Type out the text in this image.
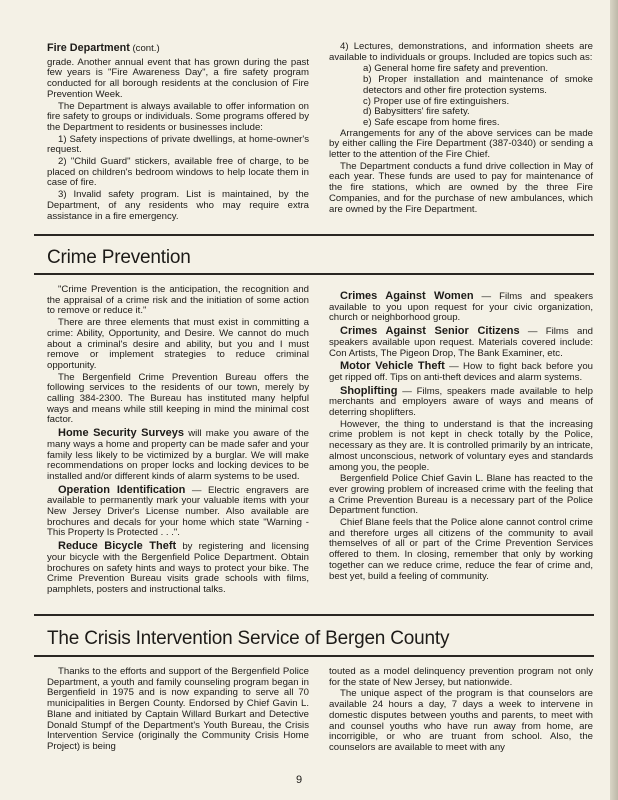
Fire Department (cont.)

grade. Another annual event that has grown during the past few years is "Fire Awareness Day", a fire safety program conducted for all borough residents at the conclusion of Fire Prevention Week.

The Department is always available to offer information on fire safety to groups or individuals. Some programs offered by the Department to residents or businesses include:

1) Safety inspections of private dwellings, at home-owner's request.

2) "Child Guard" stickers, available free of charge, to be placed on children's bedroom windows to help locate them in case of fire.

3) Invalid safety program. List is maintained, by the Department, of any residents who may require extra assistance in a fire emergency.

4) Lectures, demonstrations, and information sheets are available to individuals or groups. Included are topics such as:

a) General home fire safety and prevention.

b) Proper installation and maintenance of smoke detectors and other fire protection systems.

c) Proper use of fire extinguishers.

d) Babysitters' fire safety.

e) Safe escape from home fires.

Arrangements for any of the above services can be made by either calling the Fire Department (387-0340) or sending a letter to the attention of the Fire Chief.

The Department conducts a fund drive collection in May of each year. These funds are used to pay for maintenance of the fire stations, which are owned by the three Fire Companies, and for the purchase of new ambulances, which are owned by the Fire Department.

Crime Prevention

"Crime Prevention is the anticipation, the recognition and the appraisal of a crime risk and the initiation of some action to remove or reduce it."

There are three elements that must exist in committing a crime: Ability, Opportunity, and Desire. We cannot do much about a criminal's desire and ability, but you and I must remove or implement strategies to reduce criminal opportunity.

The Bergenfield Crime Prevention Bureau offers the following services to the residents of our town, merely by calling 384-2300. The Bureau has instituted many helpful ways and means while still keeping in mind the minimal cost factor.

Home Security Surveys will make you aware of the many ways a home and property can be made safer and your family less likely to be victimized by a burglar. We will make recommendations on proper locks and locking devices to be installed and/or different kinds of alarm systems to be used.

Operation Identification — Electric engravers are available to permanently mark your valuable items with your New Jersey Driver's License number. Also available are brochures and decals for your home which state "Warning - This Property Is Protected . . .".

Reduce Bicycle Theft by registering and licensing your bicycle with the Bergenfield Police Department. Obtain brochures on safety hints and ways to protect your bike. The Crime Prevention Bureau visits grade schools with films, pamphlets, posters and instructional talks.

Crimes Against Women — Films and speakers available to you upon request for your civic organization, church or neighborhood group.

Crimes Against Senior Citizens — Films and speakers available upon request. Materials covered include: Con Artists, The Pigeon Drop, The Bank Examiner, etc.

Motor Vehicle Theft — How to fight back before you get ripped off. Tips on anti-theft devices and alarm systems.

Shoplifting — Films, speakers made available to help merchants and employers aware of ways and means of deterring shoplifters.

However, the thing to understand is that the increasing crime problem is not kept in check totally by the Police, necessary as they are. It is controlled primarily by an intricate, almost unconscious, network of voluntary eyes and standards among you, the people.

Bergenfield Police Chief Gavin L. Blane has reacted to the ever growing problem of increased crime with the feeling that a Crime Prevention Bureau is a necessary part of the Police Department function.

Chief Blane feels that the Police alone cannot control crime and therefore urges all citizens of the community to avail themselves of all or part of the Crime Prevention Services offered to them. In closing, remember that only by working together can we reduce crime, reduce the fear of crime and, best yet, build a feeling of community.

The Crisis Intervention Service of Bergen County

Thanks to the efforts and support of the Bergenfield Police Department, a youth and family counseling program began in Bergenfield in 1975 and is now expanding to serve all 70 municipalities in Bergen County. Endorsed by Chief Gavin L. Blane and initiated by Captain Willard Burkart and Detective Donald Stumpf of the Department's Youth Bureau, the Crisis Intervention Service (originally the Community Crisis Home Project) is being

touted as a model delinquency prevention program not only for the state of New Jersey, but nationwide.

The unique aspect of the program is that counselors are available 24 hours a day, 7 days a week to intervene in domestic disputes between youths and parents, to meet with and counsel youths who have run away from home, are incorrigible, or who are truant from school. Also, the counselors are available to meet with any

9
